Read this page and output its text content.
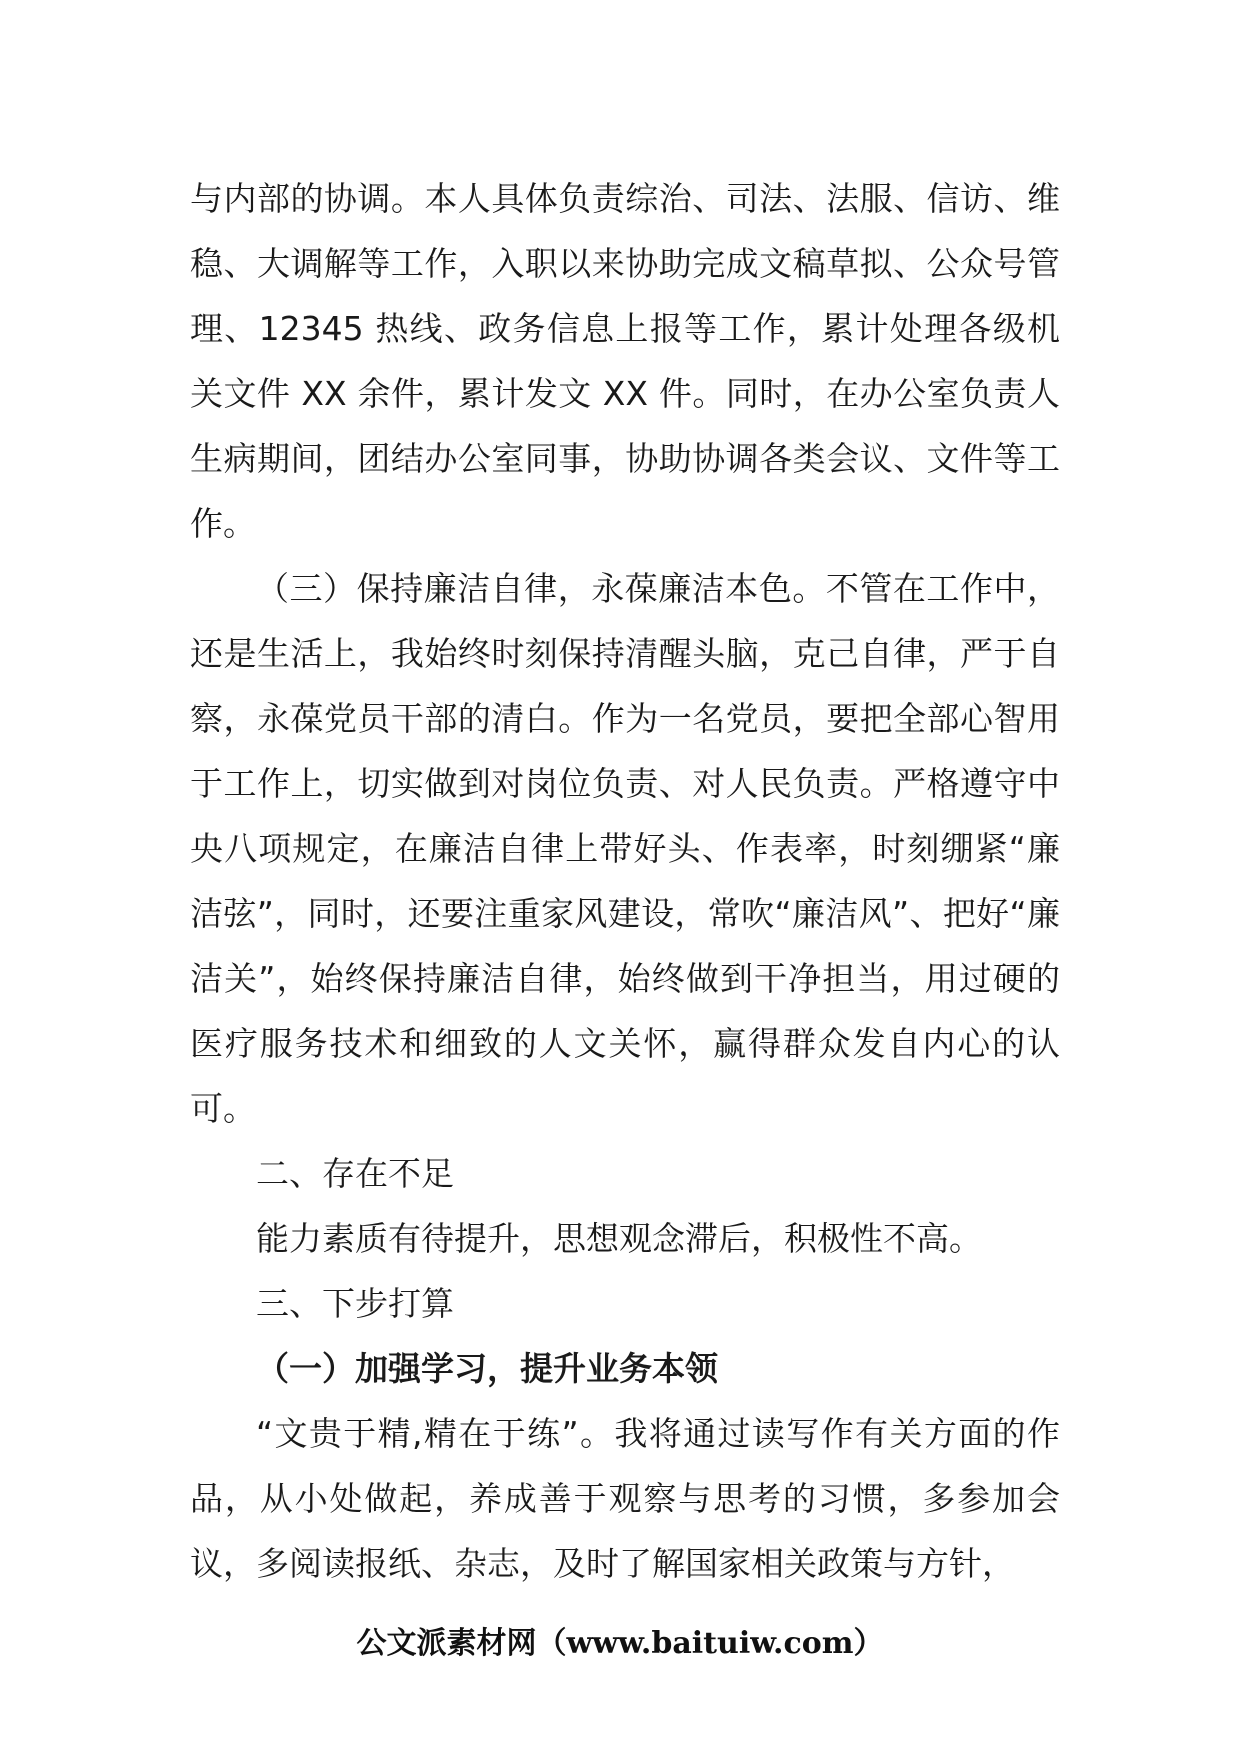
与内部的协调。本人具体负责综治、司法、法服、信访、维稳、大调解等工作，入职以来协助完成文稿草拟、公众号管理、12345 热线、政务信息上报等工作，累计处理各级机关文件 XX 余件，累计发文 XX 件。同时，在办公室负责人生病期间，团结办公室同事，协助协调各类会议、文件等工作。

（三）保持廉洁自律，永葆廉洁本色。不管在工作中，还是生活上，我始终时刻保持清醒头脑，克己自律，严于自察，永葆党员干部的清白。作为一名党员，要把全部心智用于工作上，切实做到对岗位负责、对人民负责。严格遵守中央八项规定，在廉洁自律上带好头、作表率，时刻绷紧“廉洁弦”，同时，还要注重家风建设，常吹“廉洁风”、把好“廉洁关”，始终保持廉洁自律，始终做到干净担当，用过硬的医疗服务技术和细致的人文关怀，赢得群众发自内心的认可。

二、存在不足

能力素质有待提升，思想观念滞后，积极性不高。

三、下步打算

（一）加强学习，提升业务本领

“文贵于精,精在于练”。我将通过读写作有关方面的作品，从小处做起，养成善于观察与思考的习惯，多参加会议，多阅读报纸、杂志，及时了解国家相关政策与方针，

公文派素材网（www.baituiw.com）
